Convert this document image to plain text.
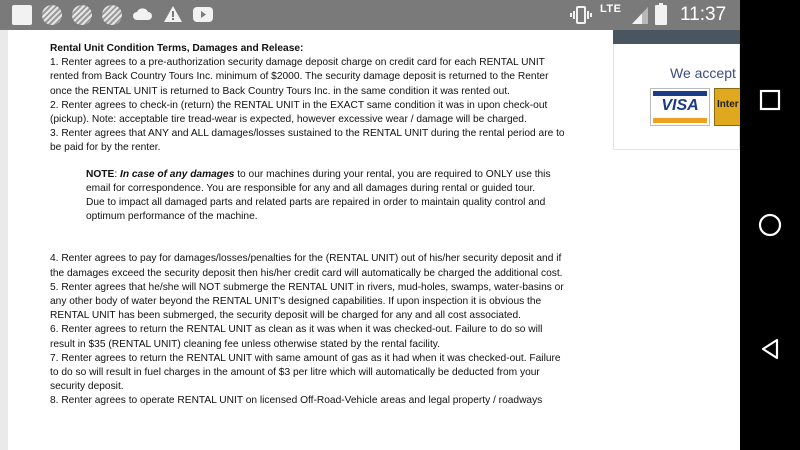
LTE	11:37
Rental Unit Condition Terms, Damages and Release:
1. Renter agrees to a pre-authorization security damage deposit charge on credit card for each RENTAL UNIT rented from Back Country Tours Inc. minimum of $2000. The security damage deposit is returned to the Renter once the RENTAL UNIT is returned to Back Country Tours Inc. in the same condition it was rented out.
2. Renter agrees to check-in (return) the RENTAL UNIT in the EXACT same condition it was in upon check-out (pickup). Note: acceptable tire tread-wear is expected, however excessive wear / damage will be charged.
3. Renter agrees that ANY and ALL damages/losses sustained to the RENTAL UNIT during the rental period are to be paid for by the renter.
NOTE: In case of any damages to our machines during your rental, you are required to ONLY use this email for correspondence. You are responsible for any and all damages during rental or guided tour. Due to impact all damaged parts and related parts are repaired in order to maintain quality control and optimum performance of the machine.
4. Renter agrees to pay for damages/losses/penalties for the (RENTAL UNIT) out of his/her security deposit and if the damages exceed the security deposit then his/her credit card will automatically be charged the additional cost.
5. Renter agrees that he/she will NOT submerge the RENTAL UNIT in rivers, mud-holes, swamps, water-basins or any other body of water beyond the RENTAL UNIT's designed capabilities. If upon inspection it is obvious the RENTAL UNIT has been submerged, the security deposit will be charged for any and all cost associated.
6. Renter agrees to return the RENTAL UNIT as clean as it was when it was checked-out. Failure to do so will result in $35 (RENTAL UNIT) cleaning fee unless otherwise stated by the rental facility.
7. Renter agrees to return the RENTAL UNIT with same amount of gas as it had when it was checked-out. Failure to do so will result in fuel charges in the amount of $3 per litre which will automatically be deducted from your security deposit.
8. Renter agrees to operate RENTAL UNIT on licensed Off-Road-Vehicle areas and legal property / roadways
We accept
VISA	Inter
